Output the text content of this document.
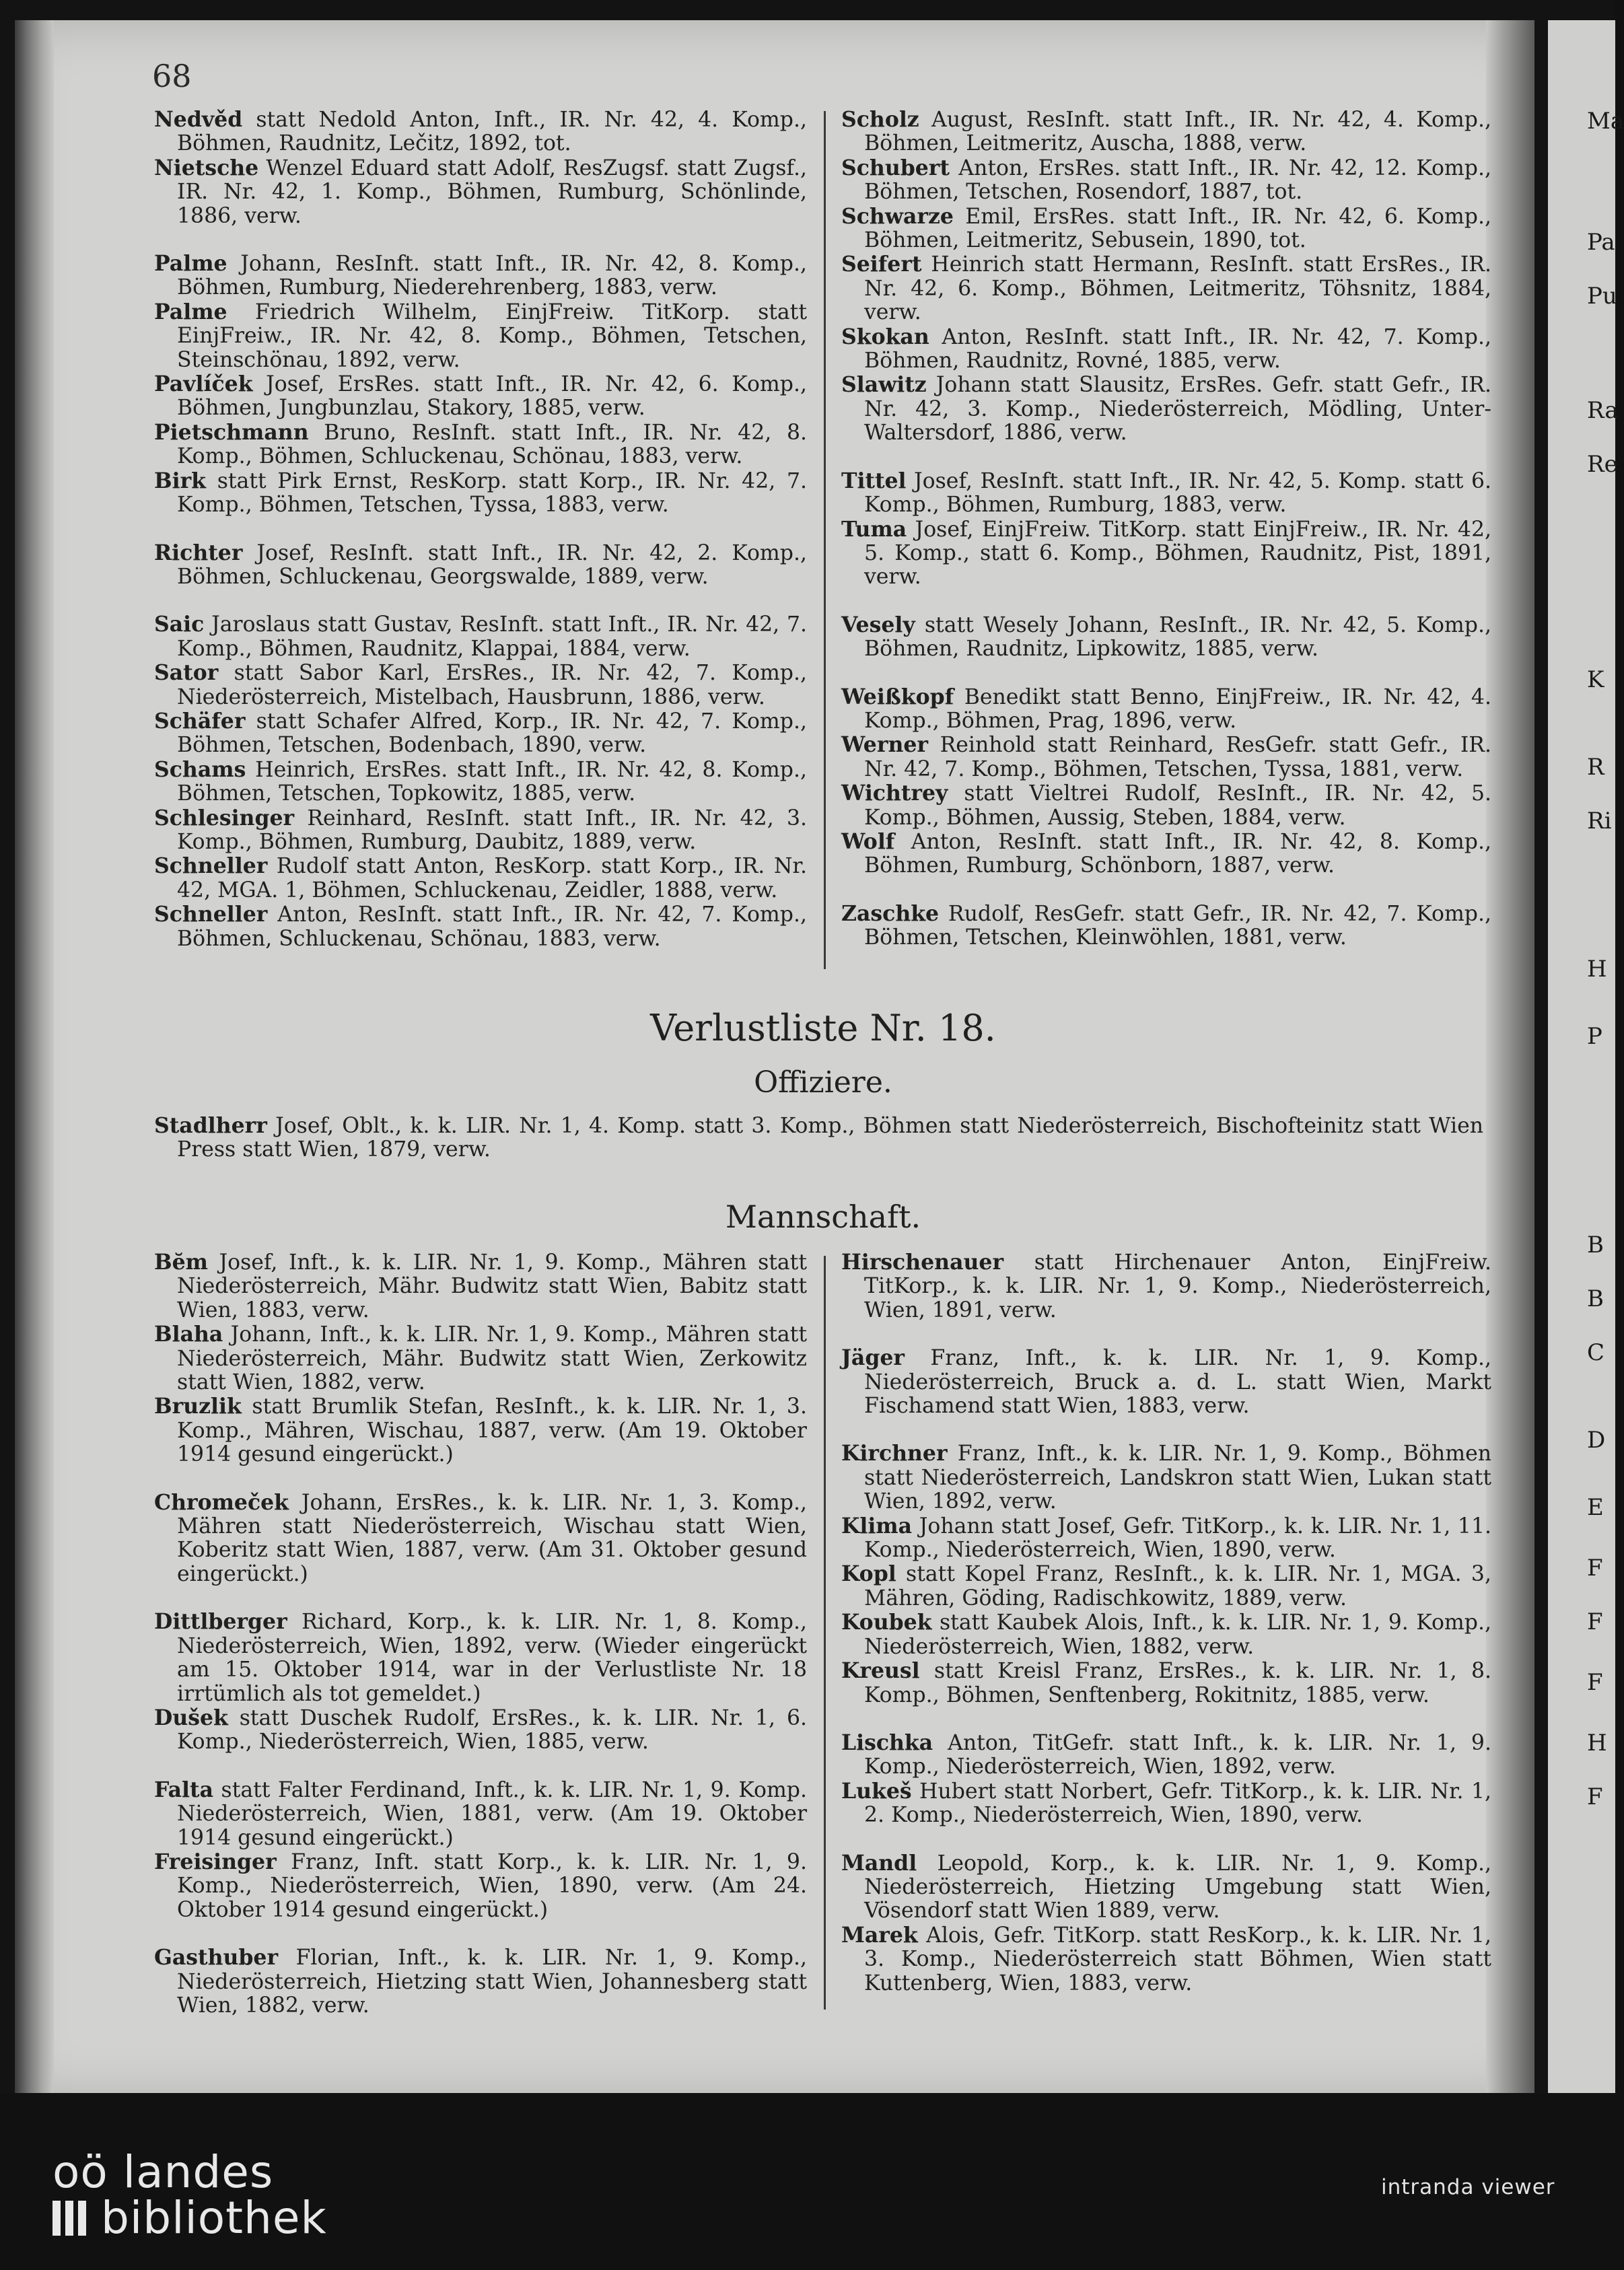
Ma
Pa
Pu
Ra
Re
K
R
Ri
H
P
B
B
C
D
E
F
F
F
H
F
68

Nedvěd statt Nedold Anton, Inft., IR. Nr. 42, 4. Komp., Böhmen, Raudnitz, Lečitz, 1892, tot.

Nietsche Wenzel Eduard statt Adolf, ResZugsf. statt Zugsf., IR. Nr. 42, 1. Komp., Böhmen, Rumburg, Schönlinde, 1886, verw.

Palme Johann, ResInft. statt Inft., IR. Nr. 42, 8. Komp., Böhmen, Rumburg, Niederehrenberg, 1883, verw.

Palme Friedrich Wilhelm, EinjFreiw. TitKorp. statt EinjFreiw., IR. Nr. 42, 8. Komp., Böhmen, Tetschen, Steinschönau, 1892, verw.

Pavlíček Josef, ErsRes. statt Inft., IR. Nr. 42, 6. Komp., Böhmen, Jungbunzlau, Stakory, 1885, verw.

Pietschmann Bruno, ResInft. statt Inft., IR. Nr. 42, 8. Komp., Böhmen, Schluckenau, Schönau, 1883, verw.

Birk statt Pirk Ernst, ResKorp. statt Korp., IR. Nr. 42, 7. Komp., Böhmen, Tetschen, Tyssa, 1883, verw.

Richter Josef, ResInft. statt Inft., IR. Nr. 42, 2. Komp., Böhmen, Schluckenau, Georgswalde, 1889, verw.

Saic Jaroslaus statt Gustav, ResInft. statt Inft., IR. Nr. 42, 7. Komp., Böhmen, Raudnitz, Klappai, 1884, verw.

Sator statt Sabor Karl, ErsRes., IR. Nr. 42, 7. Komp., Niederösterreich, Mistelbach, Hausbrunn, 1886, verw.

Schäfer statt Schafer Alfred, Korp., IR. Nr. 42, 7. Komp., Böhmen, Tetschen, Bodenbach, 1890, verw.

Schams Heinrich, ErsRes. statt Inft., IR. Nr. 42, 8. Komp., Böhmen, Tetschen, Topkowitz, 1885, verw.

Schlesinger Reinhard, ResInft. statt Inft., IR. Nr. 42, 3. Komp., Böhmen, Rumburg, Daubitz, 1889, verw.

Schneller Rudolf statt Anton, ResKorp. statt Korp., IR. Nr. 42, MGA. 1, Böhmen, Schluckenau, Zeidler, 1888, verw.

Schneller Anton, ResInft. statt Inft., IR. Nr. 42, 7. Komp., Böhmen, Schluckenau, Schönau, 1883, verw.

Scholz August, ResInft. statt Inft., IR. Nr. 42, 4. Komp., Böhmen, Leitmeritz, Auscha, 1888, verw.

Schubert Anton, ErsRes. statt Inft., IR. Nr. 42, 12. Komp., Böhmen, Tetschen, Rosendorf, 1887, tot.

Schwarze Emil, ErsRes. statt Inft., IR. Nr. 42, 6. Komp., Böhmen, Leitmeritz, Sebusein, 1890, tot.

Seifert Heinrich statt Hermann, ResInft. statt ErsRes., IR. Nr. 42, 6. Komp., Böhmen, Leitmeritz, Töhsnitz, 1884, verw.

Skokan Anton, ResInft. statt Inft., IR. Nr. 42, 7. Komp., Böhmen, Raudnitz, Rovné, 1885, verw.

Slawitz Johann statt Slausitz, ErsRes. Gefr. statt Gefr., IR. Nr. 42, 3. Komp., Niederösterreich, Mödling, Unter-Waltersdorf, 1886, verw.

Tittel Josef, ResInft. statt Inft., IR. Nr. 42, 5. Komp. statt 6. Komp., Böhmen, Rumburg, 1883, verw.

Tuma Josef, EinjFreiw. TitKorp. statt EinjFreiw., IR. Nr. 42, 5. Komp., statt 6. Komp., Böhmen, Raudnitz, Pist, 1891, verw.

Vesely statt Wesely Johann, ResInft., IR. Nr. 42, 5. Komp., Böhmen, Raudnitz, Lipkowitz, 1885, verw.

Weißkopf Benedikt statt Benno, EinjFreiw., IR. Nr. 42, 4. Komp., Böhmen, Prag, 1896, verw.

Werner Reinhold statt Reinhard, ResGefr. statt Gefr., IR. Nr. 42, 7. Komp., Böhmen, Tetschen, Tyssa, 1881, verw.

Wichtrey statt Vieltrei Rudolf, ResInft., IR. Nr. 42, 5. Komp., Böhmen, Aussig, Steben, 1884, verw.

Wolf Anton, ResInft. statt Inft., IR. Nr. 42, 8. Komp., Böhmen, Rumburg, Schönborn, 1887, verw.

Zaschke Rudolf, ResGefr. statt Gefr., IR. Nr. 42, 7. Komp., Böhmen, Tetschen, Kleinwöhlen, 1881, verw.

Verlustliste Nr. 18.
Offiziere.

Stadlherr Josef, Oblt., k. k. LIR. Nr. 1, 4. Komp. statt 3. Komp., Böhmen statt Niederösterreich, Bischofteinitz statt Wien Press statt Wien, 1879, verw.

Mannschaft.

Bĕm Josef, Inft., k. k. LIR. Nr. 1, 9. Komp., Mähren statt Niederösterreich, Mähr. Budwitz statt Wien, Babitz statt Wien, 1883, verw.

Blaha Johann, Inft., k. k. LIR. Nr. 1, 9. Komp., Mähren statt Niederösterreich, Mähr. Budwitz statt Wien, Zerkowitz statt Wien, 1882, verw.

Bruzlik statt Brumlik Stefan, ResInft., k. k. LIR. Nr. 1, 3. Komp., Mähren, Wischau, 1887, verw. (Am 19. Oktober 1914 gesund eingerückt.)

Chromeček Johann, ErsRes., k. k. LIR. Nr. 1, 3. Komp., Mähren statt Niederösterreich, Wischau statt Wien, Koberitz statt Wien, 1887, verw. (Am 31. Oktober gesund eingerückt.)

Dittlberger Richard, Korp., k. k. LIR. Nr. 1, 8. Komp., Niederösterreich, Wien, 1892, verw. (Wieder eingerückt am 15. Oktober 1914, war in der Verlustliste Nr. 18 irrtümlich als tot gemeldet.)

Dušek statt Duschek Rudolf, ErsRes., k. k. LIR. Nr. 1, 6. Komp., Niederösterreich, Wien, 1885, verw.

Falta statt Falter Ferdinand, Inft., k. k. LIR. Nr. 1, 9. Komp. Niederösterreich, Wien, 1881, verw. (Am 19. Oktober 1914 gesund eingerückt.)

Freisinger Franz, Inft. statt Korp., k. k. LIR. Nr. 1, 9. Komp., Niederösterreich, Wien, 1890, verw. (Am 24. Oktober 1914 gesund eingerückt.)

Gasthuber Florian, Inft., k. k. LIR. Nr. 1, 9. Komp., Niederösterreich, Hietzing statt Wien, Johannesberg statt Wien, 1882, verw.

Hirschenauer statt Hirchenauer Anton, EinjFreiw. TitKorp., k. k. LIR. Nr. 1, 9. Komp., Niederösterreich, Wien, 1891, verw.

Jäger Franz, Inft., k. k. LIR. Nr. 1, 9. Komp., Niederösterreich, Bruck a. d. L. statt Wien, Markt Fischamend statt Wien, 1883, verw.

Kirchner Franz, Inft., k. k. LIR. Nr. 1, 9. Komp., Böhmen statt Niederösterreich, Landskron statt Wien, Lukan statt Wien, 1892, verw.

Klima Johann statt Josef, Gefr. TitKorp., k. k. LIR. Nr. 1, 11. Komp., Niederösterreich, Wien, 1890, verw.

Kopl statt Kopel Franz, ResInft., k. k. LIR. Nr. 1, MGA. 3, Mähren, Göding, Radischkowitz, 1889, verw.

Koubek statt Kaubek Alois, Inft., k. k. LIR. Nr. 1, 9. Komp., Niederösterreich, Wien, 1882, verw.

Kreusl statt Kreisl Franz, ErsRes., k. k. LIR. Nr. 1, 8. Komp., Böhmen, Senftenberg, Rokitnitz, 1885, verw.

Lischka Anton, TitGefr. statt Inft., k. k. LIR. Nr. 1, 9. Komp., Niederösterreich, Wien, 1892, verw.

Lukeš Hubert statt Norbert, Gefr. TitKorp., k. k. LIR. Nr. 1, 2. Komp., Niederösterreich, Wien, 1890, verw.

Mandl Leopold, Korp., k. k. LIR. Nr. 1, 9. Komp., Niederösterreich, Hietzing Umgebung statt Wien, Vösendorf statt Wien 1889, verw.

Marek Alois, Gefr. TitKorp. statt ResKorp., k. k. LIR. Nr. 1, 3. Komp., Niederösterreich statt Böhmen, Wien statt Kuttenberg, Wien, 1883, verw.

oö landes
bibliothek
intranda viewer
